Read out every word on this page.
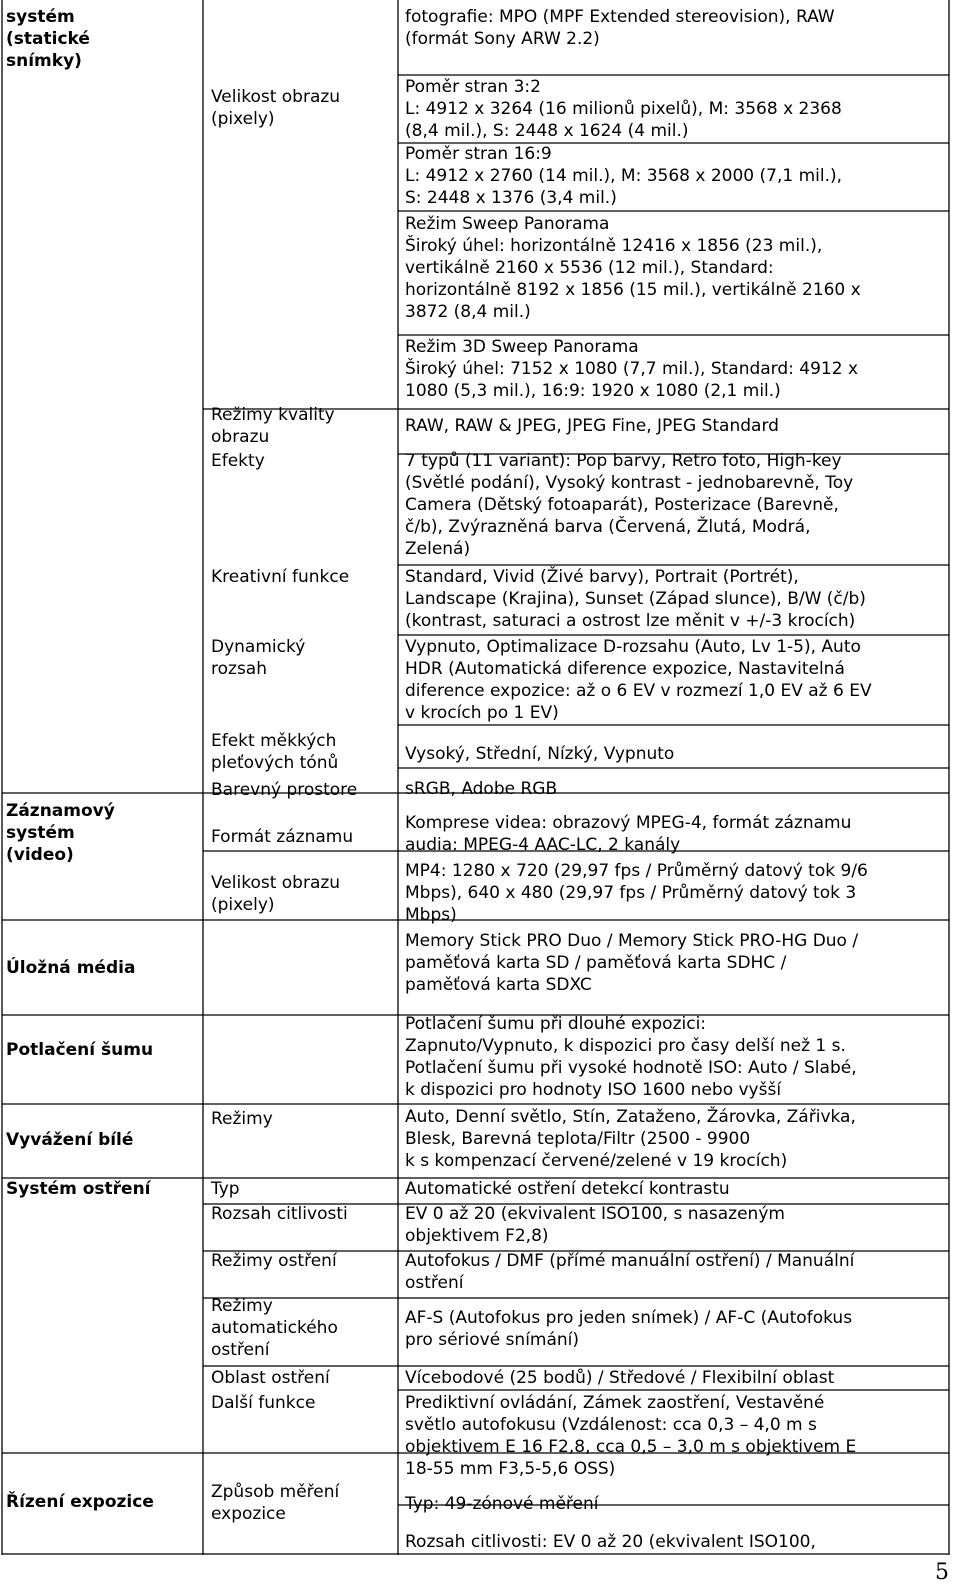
systém
(statické
snímky)

Záznamový
systém
(video)

Úložná média

Potlačení šumu

Vyvážení bílé

Systém ostření

Řízení expozice

Velikost obrazu
(pixely)

Režimy kvality
obrazu

Efekty

Kreativní funkce

Dynamický
rozsah

Efekt měkkých
pleťových tónů

Barevný prostore

Formát záznamu

Velikost obrazu
(pixely)

Režimy

Typ

Rozsah citlivosti

Režimy ostření

Režimy
automatického
ostření

Oblast ostření

Další funkce

Způsob měření
expozice

fotografie: MPO (MPF Extended stereovision), RAW
(formát Sony ARW 2.2)

Poměr stran 3:2
L: 4912 x 3264 (16 milionů pixelů), M: 3568 x 2368
(8,4 mil.), S: 2448 x 1624 (4 mil.)

Poměr stran 16:9
L: 4912 x 2760 (14 mil.), M: 3568 x 2000 (7,1 mil.),
S: 2448 x 1376 (3,4 mil.)

Režim Sweep Panorama
Široký úhel: horizontálně 12416 x 1856 (23 mil.),
vertikálně 2160 x 5536 (12 mil.), Standard:
horizontálně 8192 x 1856 (15 mil.), vertikálně 2160 x
3872 (8,4 mil.)

Režim 3D Sweep Panorama
Široký úhel: 7152 x 1080 (7,7 mil.), Standard: 4912 x
1080 (5,3 mil.), 16:9: 1920 x 1080 (2,1 mil.)

RAW, RAW & JPEG, JPEG Fine, JPEG Standard

7 typů (11 variant): Pop barvy, Retro foto, High-key
(Světlé podání), Vysoký kontrast - jednobarevně, Toy
Camera (Dětský fotoaparát), Posterizace (Barevně,
č/b), Zvýrazněná barva (Červená, Žlutá, Modrá,
Zelená)

Standard, Vivid (Živé barvy), Portrait (Portrét),
Landscape (Krajina), Sunset (Západ slunce), B/W (č/b)
(kontrast, saturaci a ostrost lze měnit v +/-3 krocích)

Vypnuto, Optimalizace D-rozsahu (Auto, Lv 1-5), Auto
HDR (Automatická diference expozice, Nastavitelná
diference expozice: až o 6 EV v rozmezí 1,0 EV až 6 EV
v krocích po 1 EV)

Vysoký, Střední, Nízký, Vypnuto

sRGB, Adobe RGB

Komprese videa: obrazový MPEG-4, formát záznamu
audia: MPEG-4 AAC-LC, 2 kanály

MP4: 1280 x 720 (29,97 fps / Průměrný datový tok 9/6
Mbps), 640 x 480 (29,97 fps / Průměrný datový tok 3
Mbps)

Memory Stick PRO Duo / Memory Stick PRO-HG Duo /
paměťová karta SD / paměťová karta SDHC /
paměťová karta SDXC

Potlačení šumu při dlouhé expozici:
Zapnuto/Vypnuto, k dispozici pro časy delší než 1 s.
Potlačení šumu při vysoké hodnotě ISO: Auto / Slabé,
k dispozici pro hodnoty ISO 1600 nebo vyšší

Auto, Denní světlo, Stín, Zataženo, Žárovka, Zářivka,
Blesk, Barevná teplota/Filtr (2500 - 9900
k s kompenzací červené/zelené v 19 krocích)

Automatické ostření detekcí kontrastu

EV 0 až 20 (ekvivalent ISO100, s nasazeným
objektivem F2,8)

Autofokus / DMF (přímé manuální ostření) / Manuální
ostření

AF-S (Autofokus pro jeden snímek) / AF-C (Autofokus
pro sériové snímání)

Vícebodové (25 bodů) / Středové / Flexibilní oblast

Prediktivní ovládání, Zámek zaostření, Vestavěné
světlo autofokusu (Vzdálenost: cca 0,3 – 4,0 m s
objektivem E 16 F2,8, cca 0,5 – 3,0 m s objektivem E
18-55 mm F3,5-5,6 OSS)

Typ: 49-zónové měření

Rozsah citlivosti: EV 0 až 20 (ekvivalent ISO100,

5
